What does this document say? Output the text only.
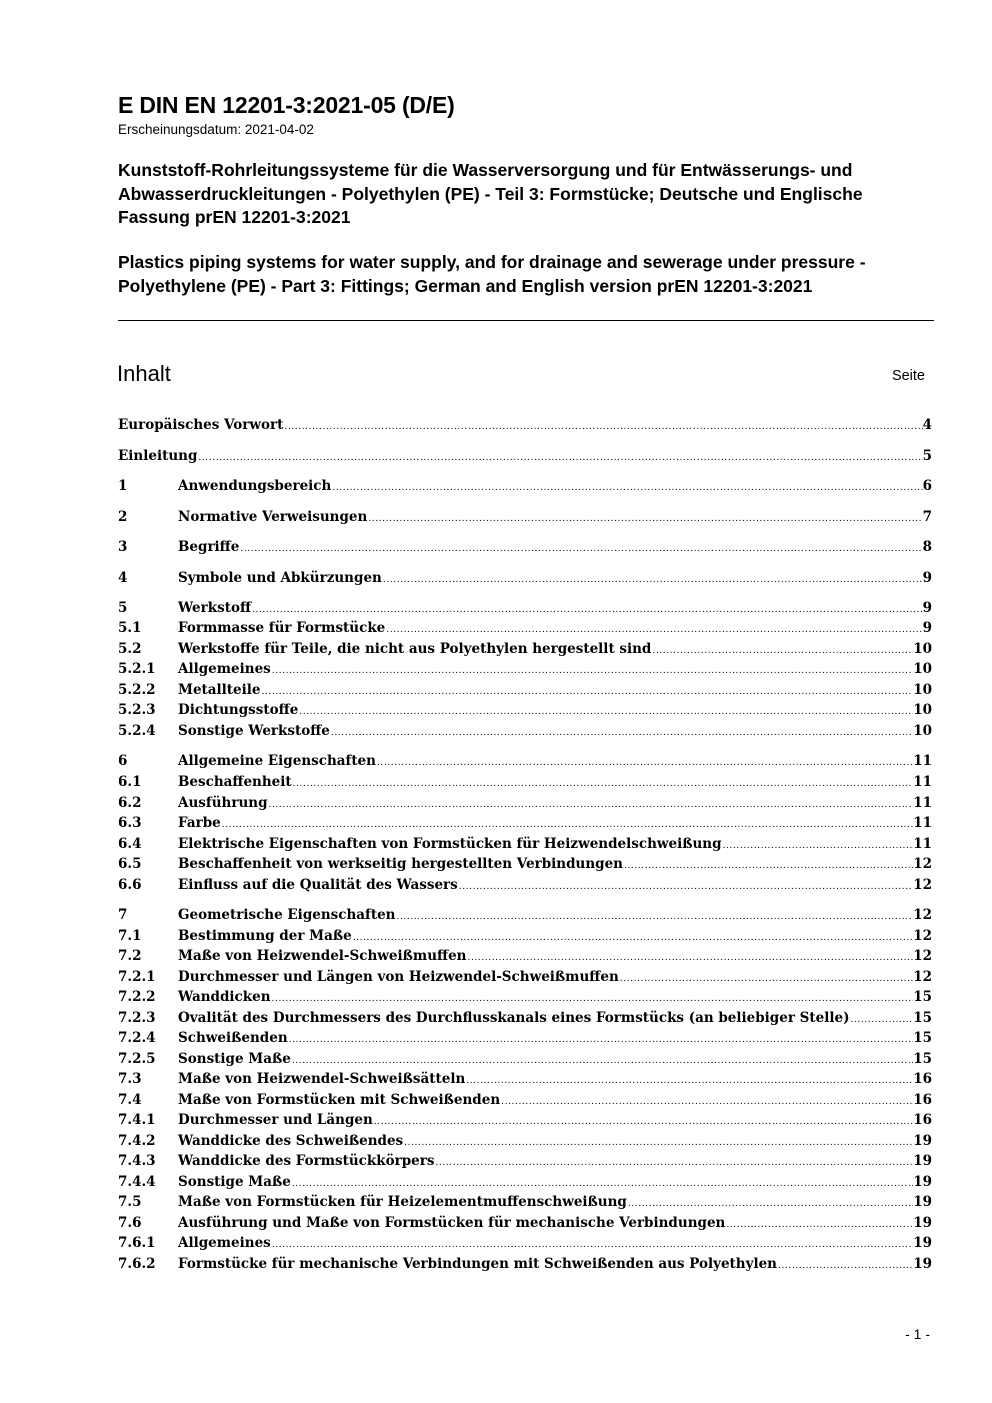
E DIN EN 12201-3:2021-05 (D/E)
Erscheinungsdatum: 2021-04-02
Kunststoff-Rohrleitungssysteme für die Wasserversorgung und für Entwässerungs- und Abwasserdruckleitungen - Polyethylen (PE) - Teil 3: Formstücke; Deutsche und Englische Fassung prEN 12201-3:2021
Plastics piping systems for water supply, and for drainage and sewerage under pressure - Polyethylene (PE) - Part 3: Fittings; German and English version prEN 12201-3:2021
Inhalt	Seite
Europäisches Vorwort .....	4
Einleitung .....	5
1	Anwendungsbereich .....	6
2	Normative Verweisungen .....	7
3	Begriffe .....	8
4	Symbole und Abkürzungen .....	9
5	Werkstoff .....	9
5.1	Formmasse für Formstücke .....	9
5.2	Werkstoffe für Teile, die nicht aus Polyethylen hergestellt sind .....	10
5.2.1	Allgemeines .....	10
5.2.2	Metallteile .....	10
5.2.3	Dichtungsstoffe .....	10
5.2.4	Sonstige Werkstoffe .....	10
6	Allgemeine Eigenschaften .....	11
6.1	Beschaffenheit .....	11
6.2	Ausführung .....	11
6.3	Farbe .....	11
6.4	Elektrische Eigenschaften von Formstücken für Heizwendelschweißung .....	11
6.5	Beschaffenheit von werkseitig hergestellten Verbindungen .....	12
6.6	Einfluss auf die Qualität des Wassers .....	12
7	Geometrische Eigenschaften .....	12
7.1	Bestimmung der Maße .....	12
7.2	Maße von Heizwendel-Schweißmuffen .....	12
7.2.1	Durchmesser und Längen von Heizwendel-Schweißmuffen .....	12
7.2.2	Wanddicken .....	15
7.2.3	Ovalität des Durchmessers des Durchflusskanals eines Formstücks (an beliebiger Stelle) .....	15
7.2.4	Schweißenden .....	15
7.2.5	Sonstige Maße .....	15
7.3	Maße von Heizwendel-Schweißsätteln .....	16
7.4	Maße von Formstücken mit Schweißenden .....	16
7.4.1	Durchmesser und Längen .....	16
7.4.2	Wanddicke des Schweißendes .....	19
7.4.3	Wanddicke des Formstückkörpers .....	19
7.4.4	Sonstige Maße .....	19
7.5	Maße von Formstücken für Heizelementmuffenschweißung .....	19
7.6	Ausführung und Maße von Formstücken für mechanische Verbindungen .....	19
7.6.1	Allgemeines .....	19
7.6.2	Formstücke für mechanische Verbindungen mit Schweißenden aus Polyethylen .....	19
- 1 -
